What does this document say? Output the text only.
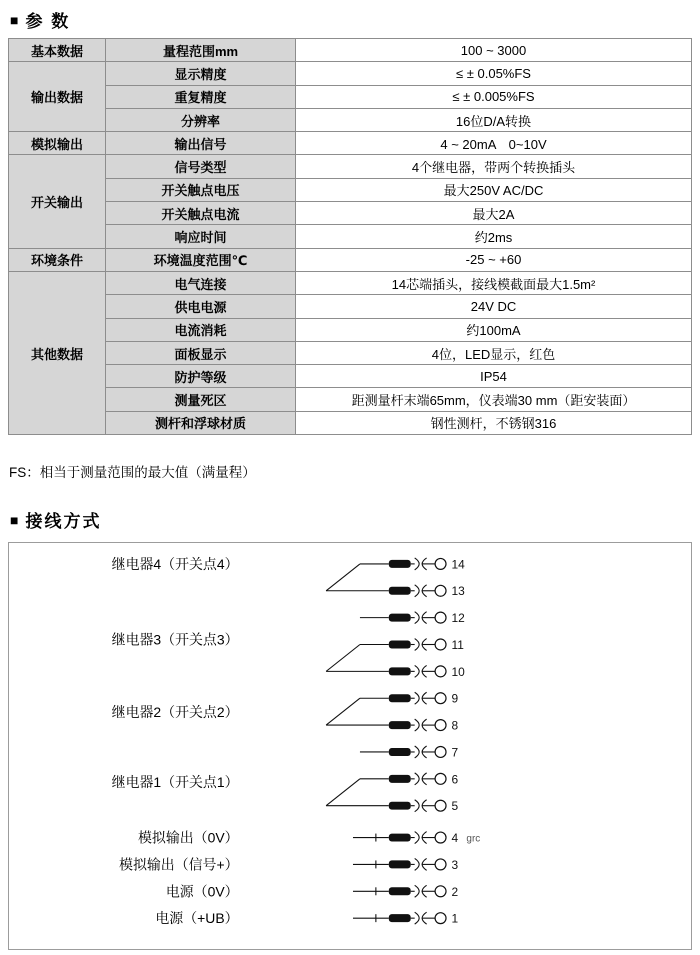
■ 参 数
基本数据	量程范围mm	100 ~ 3000
输出数据	显示精度	≤ ± 0.05%FS
	重复精度	≤ ± 0.005%FS
	分辨率	16位D/A转换
模拟输出	输出信号	4 ~ 20mA　0~10V
开关输出	信号类型	4个继电器，带两个转换插头
	开关触点电压	最大250V AC/DC
	开关触点电流	最大2A
	响应时间	约2ms
环境条件	环境温度范围℃	-25 ~ +60
其他数据	电气连接	14芯端插头，接线模截面最大1.5m²
	供电电源	24V DC
	电流消耗	约100mA
	面板显示	4位，LED显示，红色
	防护等级	IP54
	测量死区	距测量杆末端65mm，仪表端30 mm（距安装面）
	测杆和浮球材质	钢性测杆，不锈钢316
FS：相当于测量范围的最大值（满量程）
■ 接线方式
14
13
12
11
10
9
8
7
6
5
4 grc
3
2
1
继电器4（开关点4）
继电器3（开关点3）
继电器2（开关点2）
继电器1（开关点1）
模拟输出（0V）
模拟输出（信号+）
电源（0V）
电源（+UB）
